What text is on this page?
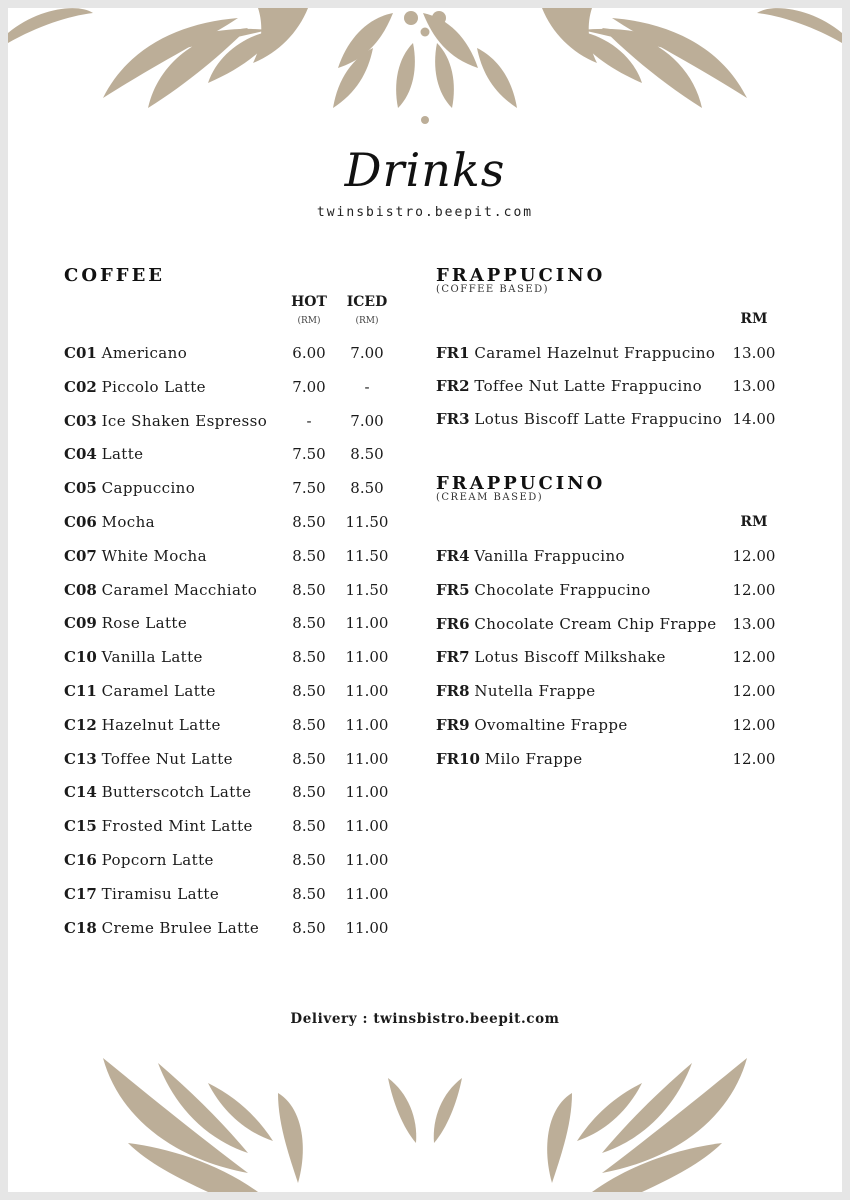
Drinks
twinsbistro.beepit.com
COFFEE
HOT	ICED
(RM)	(RM)
C01 Americano	6.00	7.00
C02 Piccolo Latte	7.00	-
C03 Ice Shaken Espresso	-	7.00
C04 Latte	7.50	8.50
C05 Cappuccino	7.50	8.50
C06 Mocha	8.50	11.50
C07 White Mocha	8.50	11.50
C08 Caramel Macchiato	8.50	11.50
C09 Rose Latte	8.50	11.00
C10 Vanilla Latte	8.50	11.00
C11 Caramel Latte	8.50	11.00
C12 Hazelnut Latte	8.50	11.00
C13 Toffee Nut Latte	8.50	11.00
C14 Butterscotch Latte	8.50	11.00
C15 Frosted Mint Latte	8.50	11.00
C16 Popcorn Latte	8.50	11.00
C17 Tiramisu Latte	8.50	11.00
C18 Creme Brulee Latte	8.50	11.00
FRAPPUCINO
(COFFEE BASED)
RM
FR1 Caramel Hazelnut Frappucino 13.00
FR2 Toffee Nut Latte Frappucino 13.00
FR3 Lotus Biscoff Latte Frappucino 14.00
FRAPPUCINO
(CREAM BASED)
RM
FR4 Vanilla Frappucino	12.00
FR5 Chocolate Frappucino	12.00
FR6 Chocolate Cream Chip Frappe 13.00
FR7 Lotus Biscoff Milkshake	12.00
FR8 Nutella Frappe	12.00
FR9 Ovomaltine Frappe	12.00
FR10 Milo Frappe	12.00
Delivery : twinsbistro.beepit.com
